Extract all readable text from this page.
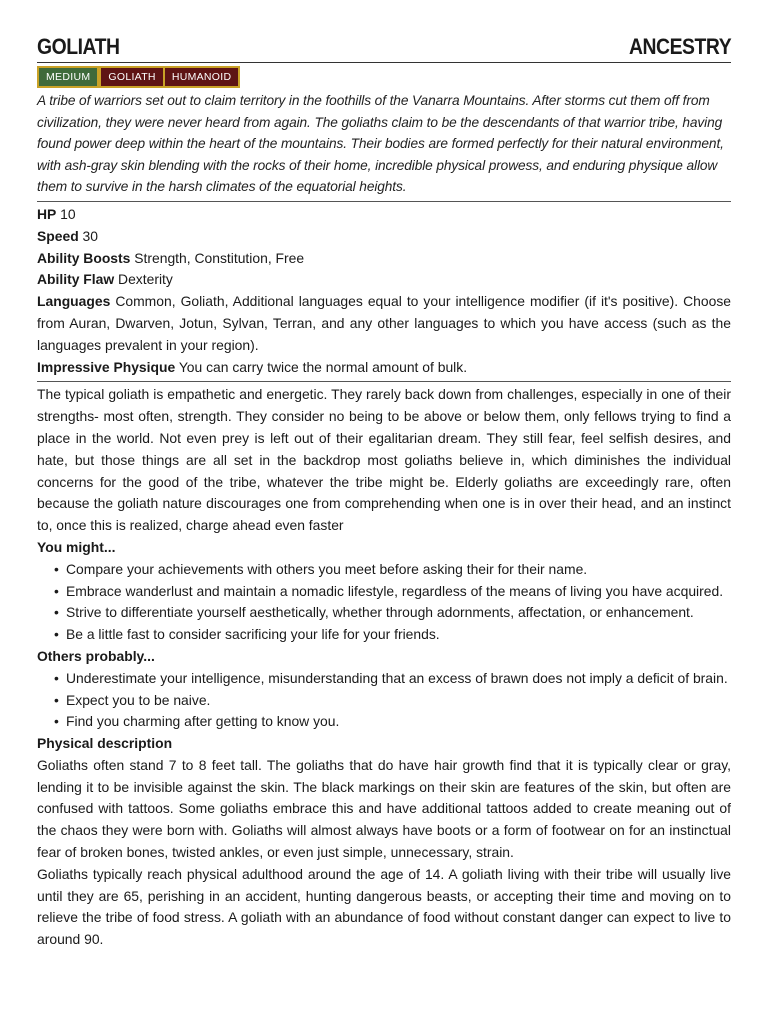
GOLIATH	ANCESTRY
MEDIUM	GOLIATH	HUMANOID

A tribe of warriors set out to claim territory in the foothills of the Vanarra Mountains. After storms cut them off from civilization, they were never heard from again. The goliaths claim to be the descendants of that warrior tribe, having found power deep within the heart of the mountains. Their bodies are formed perfectly for their natural environment, with ash-gray skin blending with the rocks of their home, incredible physical prowess, and enduring physique allow them to survive in the harsh climates of the equatorial heights.

HP 10

Speed 30

Ability Boosts Strength, Constitution, Free

Ability Flaw Dexterity

Languages Common, Goliath, Additional languages equal to your intelligence modifier (if it's positive). Choose from Auran, Dwarven, Jotun, Sylvan, Terran, and any other languages to which you have access (such as the languages prevalent in your region).

Impressive Physique You can carry twice the normal amount of bulk.

The typical goliath is empathetic and energetic. They rarely back down from challenges, especially in one of their strengths- most often, strength. They consider no being to be above or below them, only fellows trying to find a place in the world. Not even prey is left out of their egalitarian dream. They still fear, feel selfish desires, and hate, but those things are all set in the backdrop most goliaths believe in, which diminishes the individual concerns for the good of the tribe, whatever the tribe might be. Elderly goliaths are exceedingly rare, often because the goliath nature discourages one from comprehending when one is in over their head, and an instinct to, once this is realized, charge ahead even faster

You might...

• Compare your achievements with others you meet before asking their for their name.
• Embrace wanderlust and maintain a nomadic lifestyle, regardless of the means of living you have acquired.
• Strive to differentiate yourself aesthetically, whether through adornments, affectation, or enhancement.
• Be a little fast to consider sacrificing your life for your friends.

Others probably...

• Underestimate your intelligence, misunderstanding that an excess of brawn does not imply a deficit of brain.
• Expect you to be naive.
• Find you charming after getting to know you.

Physical description

Goliaths often stand 7 to 8 feet tall. The goliaths that do have hair growth find that it is typically clear or gray, lending it to be invisible against the skin. The black markings on their skin are features of the skin, but often are confused with tattoos. Some goliaths embrace this and have additional tattoos added to create meaning out of the chaos they were born with. Goliaths will almost always have boots or a form of footwear on for an instinctual fear of broken bones, twisted ankles, or even just simple, unnecessary, strain.

Goliaths typically reach physical adulthood around the age of 14. A goliath living with their tribe will usually live until they are 65, perishing in an accident, hunting dangerous beasts, or accepting their time and moving on to relieve the tribe of food stress. A goliath with an abundance of food without constant danger can expect to live to around 90.
